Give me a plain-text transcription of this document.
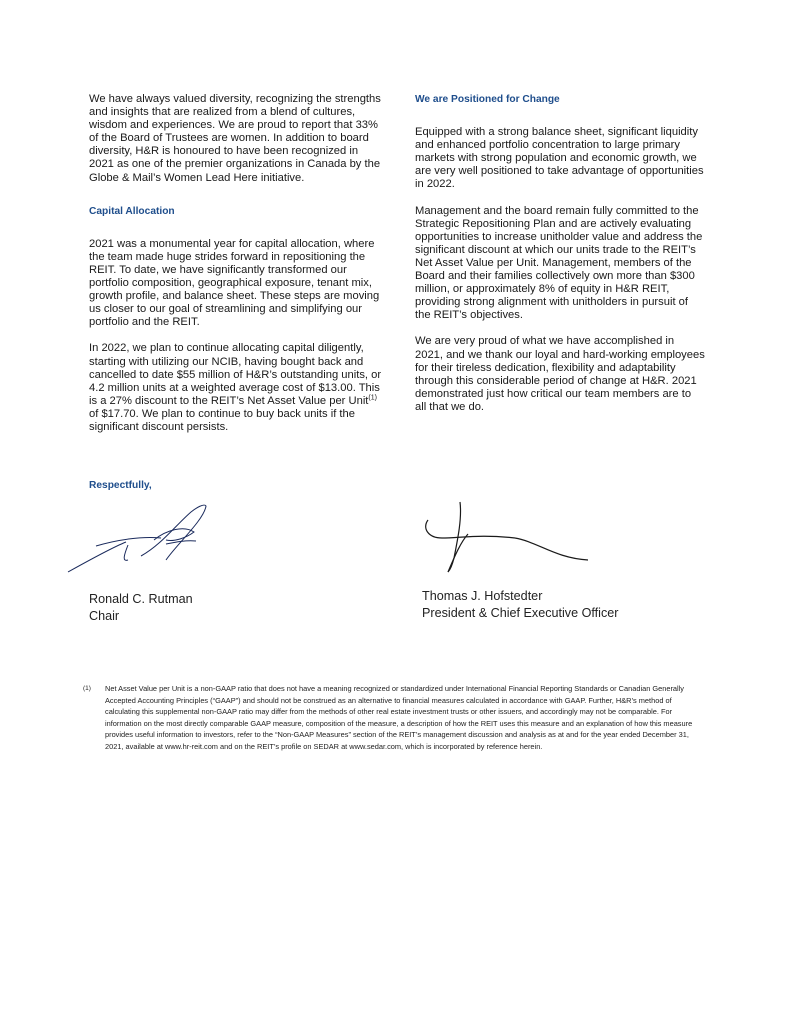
We have always valued diversity, recognizing the strengths and insights that are realized from a blend of cultures, wisdom and experiences. We are proud to report that 33% of the Board of Trustees are women. In addition to board diversity, H&R is honoured to have been recognized in 2021 as one of the premier organizations in Canada by the Globe & Mail’s Women Lead Here initiative.

Capital Allocation

2021 was a monumental year for capital allocation, where the team made huge strides forward in repositioning the REIT. To date, we have significantly transformed our portfolio composition, geographical exposure, tenant mix, growth profile, and balance sheet. These steps are moving us closer to our goal of streamlining and simplifying our portfolio and the REIT.

In 2022, we plan to continue allocating capital diligently, starting with utilizing our NCIB, having bought back and cancelled to date $55 million of H&R’s outstanding units, or 4.2 million units at a weighted average cost of $13.00. This is a 27% discount to the REIT’s Net Asset Value per Unit$^{(1)}$ of $17.70. We plan to continue to buy back units if the significant discount persists.

We are Positioned for Change

Equipped with a strong balance sheet, significant liquidity and enhanced portfolio concentration to large primary markets with strong population and economic growth, we are very well positioned to take advantage of opportunities in 2022.

Management and the board remain fully committed to the Strategic Repositioning Plan and are actively evaluating opportunities to increase unitholder value and address the significant discount at which our units trade to the REIT’s Net Asset Value per Unit. Management, members of the Board and their families collectively own more than $300 million, or approximately 8% of equity in H&R REIT, providing strong alignment with unitholders in pursuit of the REIT’s objectives.

We are very proud of what we have accomplished in 2021, and we thank our loyal and hard-working employees for their tireless dedication, flexibility and adaptability through this considerable period of change at H&R. 2021 demonstrated just how critical our team members are to all that we do.

Respectfully,
Ronald C. Rutman
Chair
Thomas J. Hofstedter
President & Chief Executive Officer
(1) Net Asset Value per Unit is a non-GAAP ratio that does not have a meaning recognized or standardized under International Financial Reporting Standards or Canadian Generally Accepted Accounting Principles (“GAAP”) and should not be construed as an alternative to financial measures calculated in accordance with GAAP. Further, H&R’s method of calculating this supplemental non-GAAP ratio may differ from the methods of other real estate investment trusts or other issuers, and accordingly may not be comparable. For information on the most directly comparable GAAP measure, composition of the measure, a description of how the REIT uses this measure and an explanation of how this measure provides useful information to investors, refer to the “Non-GAAP Measures” section of the REIT’s management discussion and analysis as at and for the year ended December 31, 2021, available at www.hr-reit.com and on the REIT’s profile on SEDAR at www.sedar.com, which is incorporated by reference herein.
